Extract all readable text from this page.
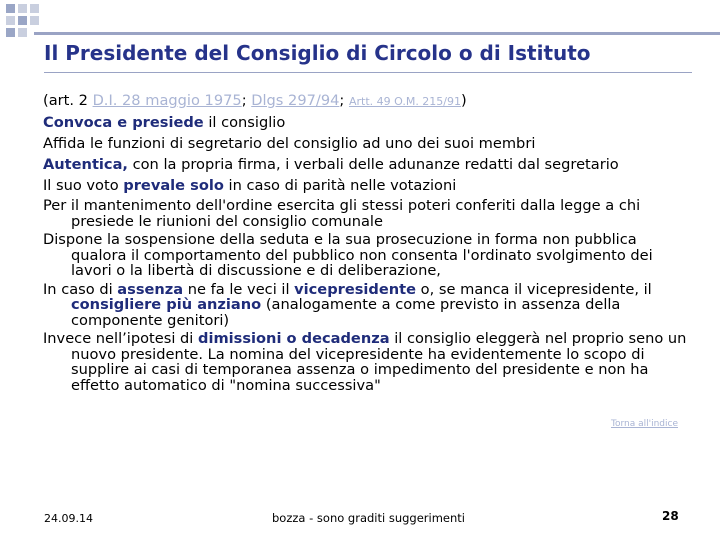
Il Presidente del Consiglio di Circolo o di Istituto

(art. 2 D.I. 28 maggio 1975; Dlgs 297/94; Artt. 49 O.M. 215/91)

Convoca e presiede il consiglio

Affida le funzioni di segretario del consiglio ad uno dei suoi membri

Autentica, con la propria firma, i verbali delle adunanze redatti dal segretario

Il suo voto prevale solo in caso di parità nelle votazioni

Per il mantenimento dell'ordine esercita gli stessi poteri conferiti dalla legge a chi presiede le riunioni del consiglio comunale

Dispone la sospensione della seduta e la sua prosecuzione in forma non pubblica qualora il comportamento del pubblico non consenta l'ordinato svolgimento dei lavori o la libertà di discussione e di deliberazione,

In caso di assenza ne fa le veci il vicepresidente o, se manca il vicepresidente, il consigliere più anziano (analogamente a come previsto in assenza della componente genitori)

Invece nell’ipotesi di dimissioni o decadenza il consiglio eleggerà nel proprio seno un nuovo presidente. La nomina del vicepresidente ha evidentemente lo scopo di supplire ai casi di temporanea assenza o impedimento del presidente e non ha effetto automatico di "nomina successiva"

Torna all'indice
24.09.14	bozza - sono graditi suggerimenti	28
